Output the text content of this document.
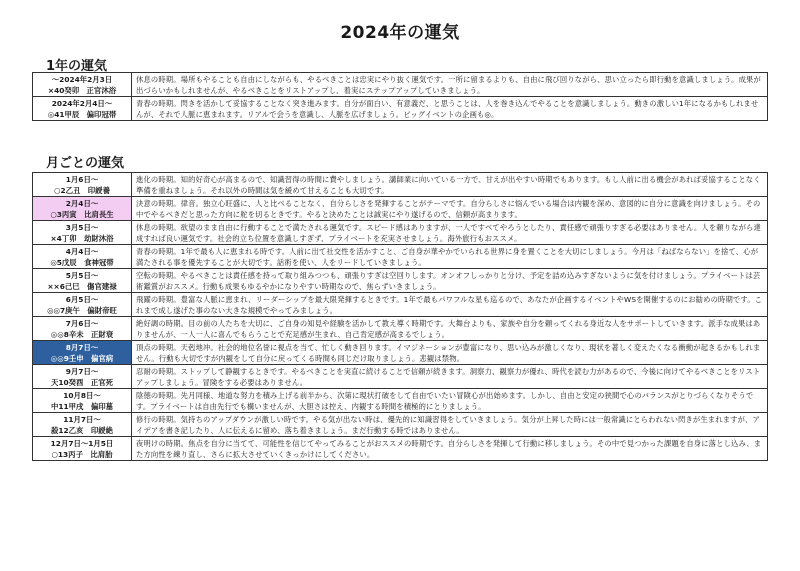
2024年の運気
1年の運気
～2024年2月3日
×40癸卯　正官沐浴	休息の時期。場所もやることも自由にしながらも、やるべきことは忠実にやり抜く運気です。一所に留まるよりも、自由に飛び回りながら、思い立ったら即行動を意識しましょう。成果が出づらいかもしれませんが、やるべきことをリストアップし、着実にステップアップしていきましょう。

2024年2月4日～
◎41甲辰　偏印冠帯	青春の時期。閃きを活かして妥協することなく突き進みます。自分が面白い、有意義だ、と思うことは、人を巻き込んでやることを意識しましょう。動きの激しい1年になるかもしれませんが、それで人脈に恵まれます。リアルで会うを意識し、人脈を広げましょう。ビッグイベントの企画も◎。
月ごとの運気
1月6日～
○2乙丑　印綬養	進化の時期。知的好奇心が高まるので、知識習得の時間に費やしましょう。講師業に向いている一方で、甘えが出やすい時期でもあります。もし人前に出る機会があれば妥協することなく準備を重ねましょう。それ以外の時間は気を緩めて甘えることも大切です。

2月4日～
○3丙寅　比肩長生	決意の時期。律音。独立心旺盛に、人と比べることなく、自分らしさを発揮することがテーマです。自分らしさに悩んでいる場合は内観を深め、意図的に自分に意識を向けましょう。その中でやるべきだと思った方向に舵を切るときです。やると決めたことは誠実にやり遂げるので、信頼が高まります。

3月5日～
×4丁卯　劫財沐浴	休息の時期。欲望のまま自由に行動することで満たされる運気です。スピード感はありますが、一人ですべてやろうとしたり、責任感で頑張りすぎる必要はありません。人を頼りながら達成すれば良い運気です。社会的立ち位置を意識しすぎず、プライベートを充実させましょう。海外旅行もおススメ。

4月4日～
◎5戊辰　食神冠帯	青春の時期。1年で最も人に恵まれる時です。人前に出て社交性を活かすこと、ご自身が華やかでいられる世界に身を置くことを大切にしましょう。今月は「ねばならない」を捨て、心が満たされる事を優先することが大切です。話術を使い、人をリードしていきましょう。

5月5日～
××6己巳　傷官建禄	空転の時期。やるべきことは責任感を持って取り組みつつも、頑張りすぎは空回りします。オンオフしっかりと分け、予定を詰め込みすぎないように気を付けましょう。プライベートは芸術鑑賞がおススメ。行動も成果もゆるやかになりやすい時期なので、焦らずいきましょう。

6月5日～
◎◎7庚午　偏財帝旺	飛躍の時期。豊富な人脈に恵まれ、リーダーシップを最大限発揮するときです。1年で最もパワフルな星も巡るので、あなたが企画するイベントやWSを開催するのにお勧めの時期です。これまで成し遂げた事のない大きな規模でやってみましょう。

7月6日～
◎◎8辛未　正財衰	絶好調の時期。目の前の人たちを大切に、ご自身の知見や経験を活かして教え導く時期です。大舞台よりも、家族や自分を頼ってくれる身近な人をサポートしていきます。派手な成果はありませんが、一人一人に喜んでもらうことで充足感が生まれ、自己肯定感が高まるでしょう。

8月7日～
◎◎9壬申　偏官病	頂点の時期。天剋地冲。社会的地位名誉に視点を当て、忙しく動き回ります。イマジネーションが豊富になり、思い込みが激しくなり、現状を著しく変えたくなる衝動が起きるかもしれません。行動も大切ですが内観をして自分に戻ってくる時間も同じだけ取りましょう。悲観は禁物。

9月7日～
天10癸酉　正官死	忍耐の時期。ストップして静観するときです。やるべきことを実直に続けることで信頼が続きます。洞察力、観察力が優れ、時代を読む力があるので、今後に向けてやるべきことをリストアップしましょう。冒険をする必要はありません。

10月8日～
中11甲戌　偏印墓	陰徳の時期。先月同様、地道な努力を積み上げる前半から、次第に現状打破をして自由でいたい冒険心が出始めます。しかし、自由と安定の狭間で心のバランスがとりづらくなりそうです。プライベートは自由先行でも構いませんが、大胆さは控え、内観する時間を積極的にとりましょう。

11月7日～
殺12乙亥　印綬絶	修行の時期。気持ちのアップダウンが激しい時です。やる気が出ない時は、優先的に知識習得をしていきましょう。気分が上昇した時には一般常識にとらわれない閃きが生まれますが、アイデアを書き記したり、人に伝えるに留め、落ち着きましょう。まだ行動する時ではありません。

12月7日～1月5日
○13丙子　比肩胎	夜明けの時期。焦点を自分に当てて、可能性を信じてやってみることがおススメの時期です。自分らしさを発揮して行動に移しましょう。その中で見つかった課題を自身に落とし込み、また方向性を練り直し、さらに拡大させていくきっかけにしてください。
